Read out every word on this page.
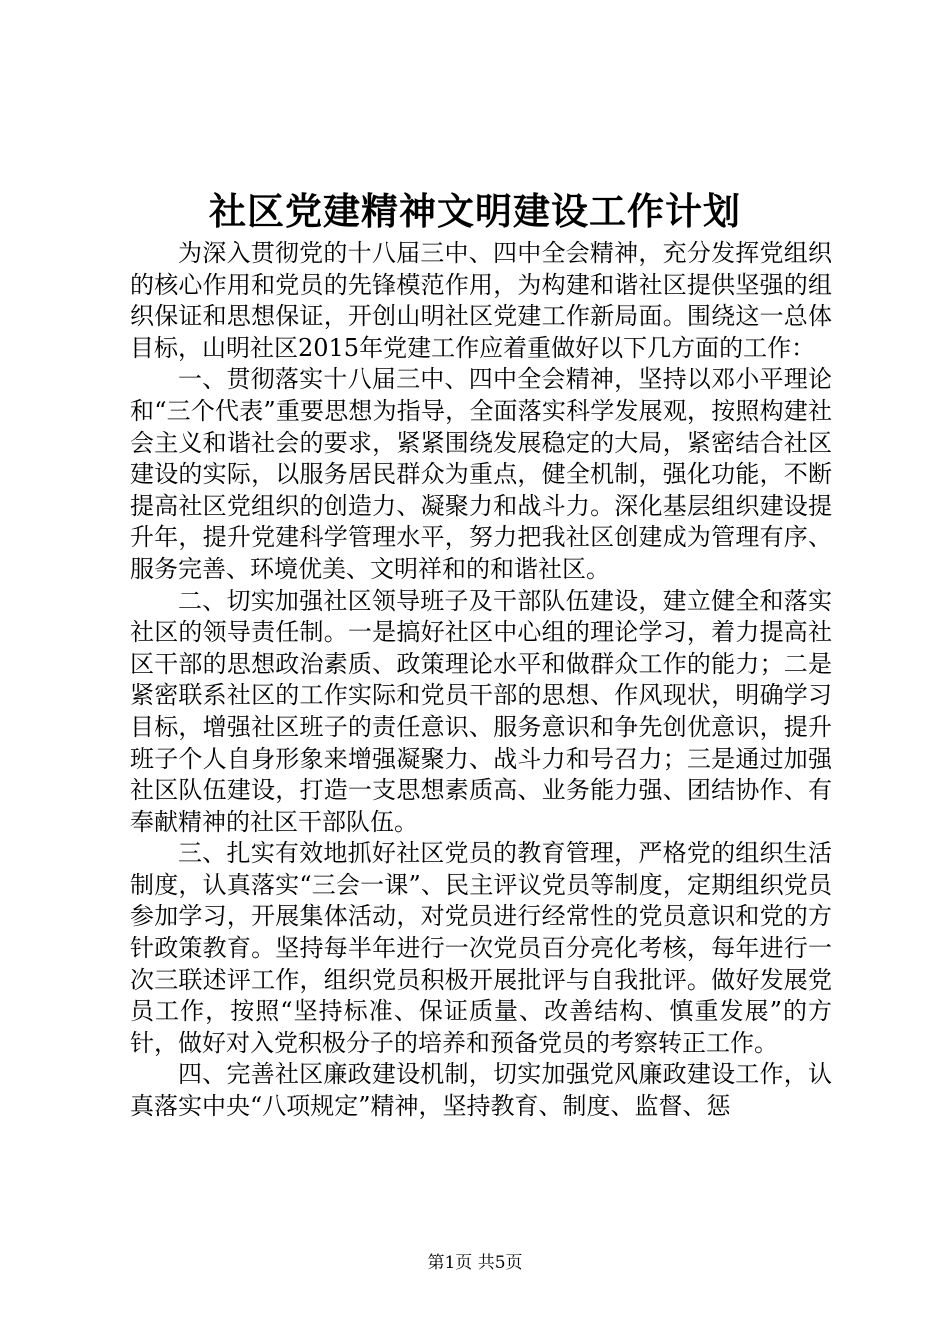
社区党建精神文明建设工作计划

为深入贯彻党的十八届三中、四中全会精神，充分发挥党组织的核心作用和党员的先锋模范作用，为构建和谐社区提供坚强的组织保证和思想保证，开创山明社区党建工作新局面。围绕这一总体目标，山明社区2015年党建工作应着重做好以下几方面的工作：

一、贯彻落实十八届三中、四中全会精神，坚持以邓小平理论和“三个代表”重要思想为指导，全面落实科学发展观，按照构建社会主义和谐社会的要求，紧紧围绕发展稳定的大局，紧密结合社区建设的实际，以服务居民群众为重点，健全机制，强化功能，不断提高社区党组织的创造力、凝聚力和战斗力。深化基层组织建设提升年，提升党建科学管理水平，努力把我社区创建成为管理有序、服务完善、环境优美、文明祥和的和谐社区。

二、切实加强社区领导班子及干部队伍建设，建立健全和落实社区的领导责任制。一是搞好社区中心组的理论学习，着力提高社区干部的思想政治素质、政策理论水平和做群众工作的能力；二是紧密联系社区的工作实际和党员干部的思想、作风现状，明确学习目标，增强社区班子的责任意识、服务意识和争先创优意识，提升班子个人自身形象来增强凝聚力、战斗力和号召力；三是通过加强社区队伍建设，打造一支思想素质高、业务能力强、团结协作、有奉献精神的社区干部队伍。

三、扎实有效地抓好社区党员的教育管理，严格党的组织生活制度，认真落实“三会一课”、民主评议党员等制度，定期组织党员参加学习，开展集体活动，对党员进行经常性的党员意识和党的方针政策教育。坚持每半年进行一次党员百分亮化考核，每年进行一次三联述评工作，组织党员积极开展批评与自我批评。做好发展党员工作，按照“坚持标准、保证质量、改善结构、慎重发展”的方针，做好对入党积极分子的培养和预备党员的考察转正工作。

四、完善社区廉政建设机制，切实加强党风廉政建设工作，认真落实中央“八项规定”精神，坚持教育、制度、监督、惩

第1页 共5页
